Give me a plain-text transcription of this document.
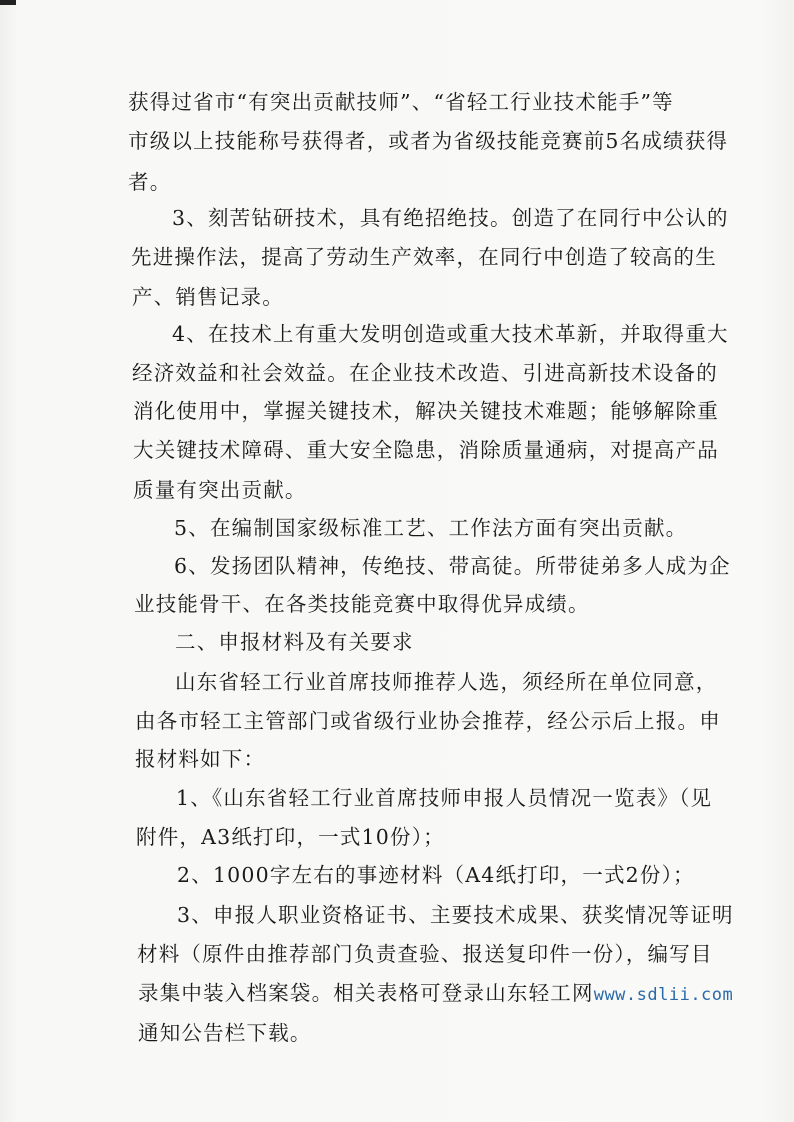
获得过省市“有突出贡献技师”、“省轻工行业技术能手”等
市级以上技能称号获得者，或者为省级技能竞赛前5名成绩获得
者。
3、刻苦钻研技术，具有绝招绝技。创造了在同行中公认的
先进操作法，提高了劳动生产效率，在同行中创造了较高的生
产、销售记录。
4、在技术上有重大发明创造或重大技术革新，并取得重大
经济效益和社会效益。在企业技术改造、引进高新技术设备的
消化使用中，掌握关键技术，解决关键技术难题；能够解除重
大关键技术障碍、重大安全隐患，消除质量通病，对提高产品
质量有突出贡献。
5、在编制国家级标准工艺、工作法方面有突出贡献。
6、发扬团队精神，传绝技、带高徒。所带徒弟多人成为企
业技能骨干、在各类技能竞赛中取得优异成绩。
二、申报材料及有关要求
山东省轻工行业首席技师推荐人选，须经所在单位同意，
由各市轻工主管部门或省级行业协会推荐，经公示后上报。申
报材料如下：
1、《山东省轻工行业首席技师申报人员情况一览表》（见
附件，A3纸打印，一式10份）；
2、1000字左右的事迹材料（A4纸打印，一式2份）；
3、申报人职业资格证书、主要技术成果、获奖情况等证明
材料（原件由推荐部门负责查验、报送复印件一份），编写目
录集中装入档案袋。相关表格可登录山东轻工网www.sdlii.com
通知公告栏下载。
